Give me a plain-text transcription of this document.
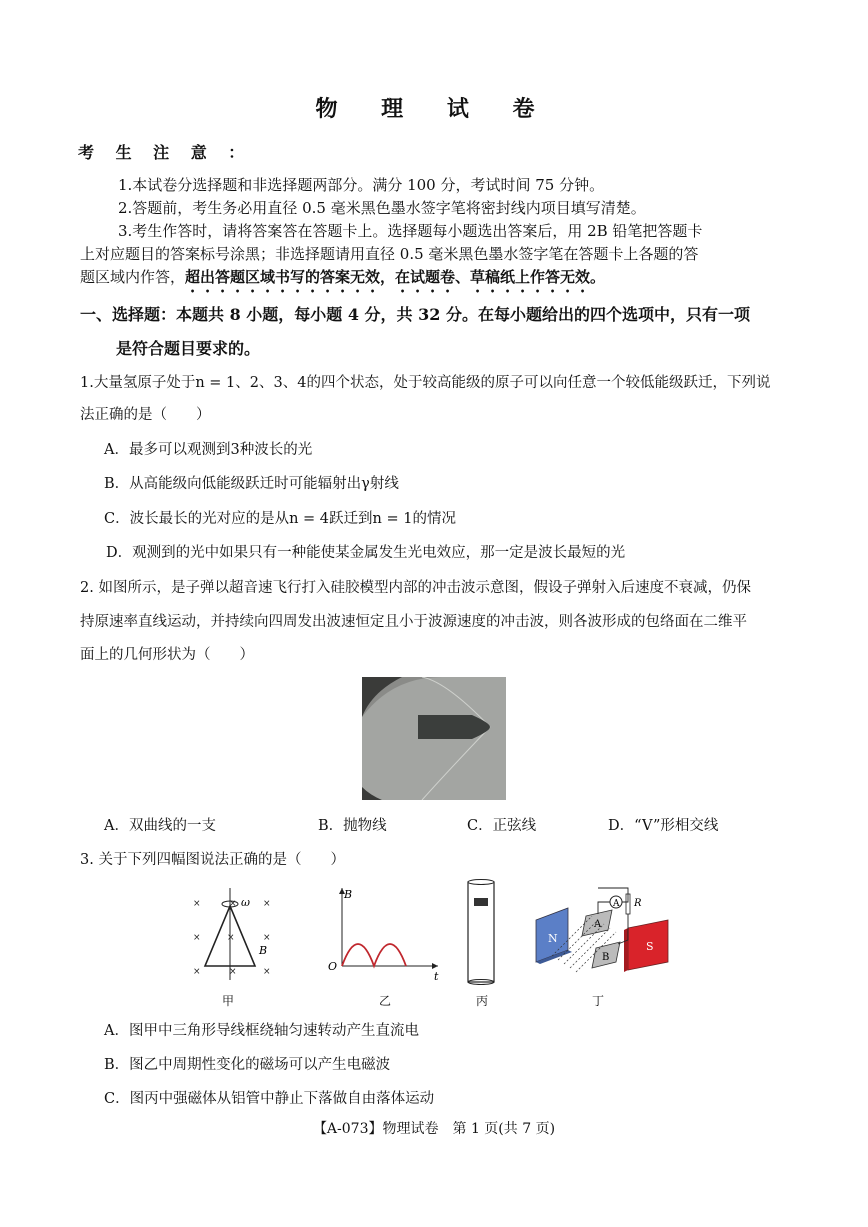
物 理 试 卷
考 生 注 意 ：
1.本试卷分选择题和非选择题两部分。满分 100 分，考试时间 75 分钟。
2.答题前，考生务必用直径 0.5 毫米黑色墨水签字笔将密封线内项目填写清楚。
3.考生作答时，请将答案答在答题卡上。选择题每小题选出答案后，用 2B 铅笔把答题卡
上对应题目的答案标号涂黑；非选择题请用直径 0.5 毫米黑色墨水签字笔在答题卡上各题的答
题区域内作答，超出答题区域书写的答案无效，在试题卷、草稿纸上作答无效。
一、选择题：本题共 8 小题，每小题 4 分，共 32 分。在每小题给出的四个选项中，只有一项
是符合题目要求的。
1.大量氢原子处于n = 1、2、3、4的四个状态，处于较高能级的原子可以向任意一个较低能级跃迁，下列说
法正确的是（　　）
A．最多可以观测到3种波长的光
B．从高能级向低能级跃迁时可能辐射出γ射线
C．波长最长的光对应的是从n = 4跃迁到n = 1的情况
D．观测到的光中如果只有一种能使某金属发生光电效应，那一定是波长最短的光
2. 如图所示，是子弹以超音速飞行打入硅胶模型内部的冲击波示意图，假设子弹射入后速度不衰减，仍保
持原速率直线运动，并持续向四周发出波速恒定且小于波源速度的冲击波，则各波形成的包络面在二维平
面上的几何形状为（　　）
A．双曲线的一支	B．抛物线	C．正弦线	D．“V”形相交线
3. 关于下列四幅图说法正确的是（　　）
ω
B
×	×	×
×	×	×
×	×	×
甲
B
O
t
乙	丙
N
S
A
B
A R
丁
A．图甲中三角形导线框绕轴匀速转动产生直流电
B．图乙中周期性变化的磁场可以产生电磁波
C．图丙中强磁体从铝管中静止下落做自由落体运动
【A-073】物理试卷　第 1 页(共 7 页)
